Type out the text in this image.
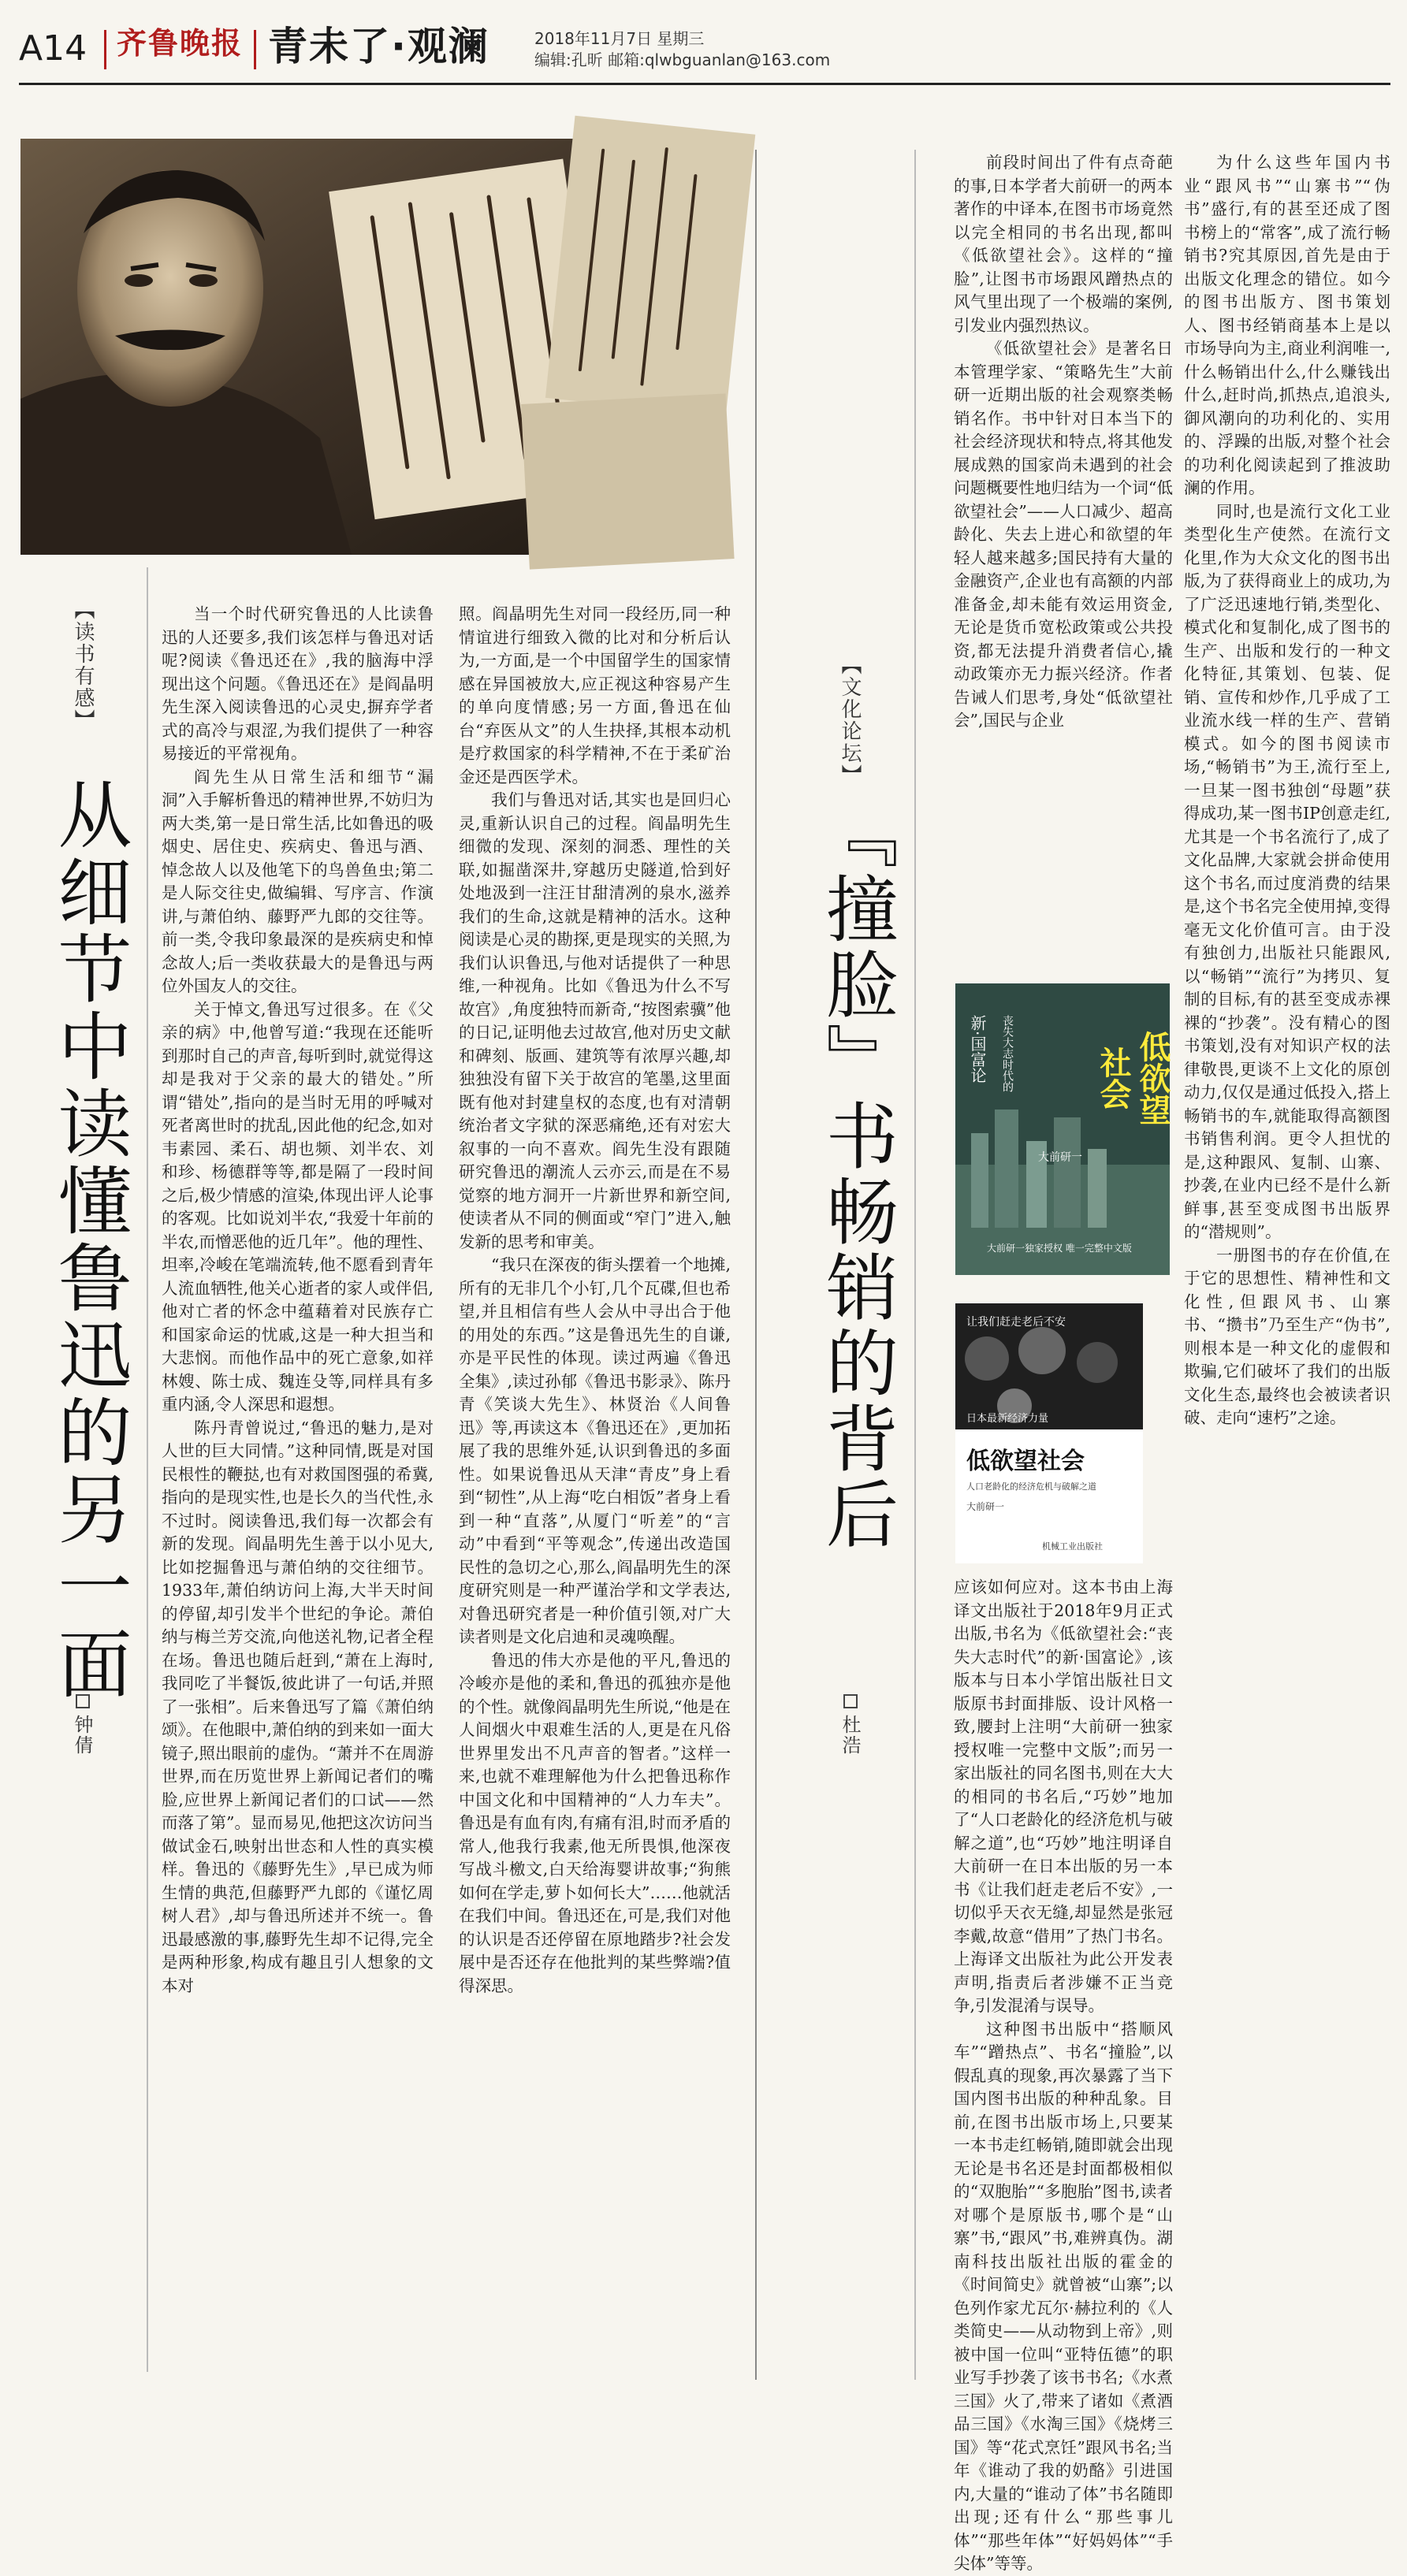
A14 齐鲁晚报 青未了·观澜	2018年11月7日 星期三
编辑:孔昕 邮箱:qlwbguanlan@163.com
【读书有感】
从细节中读懂鲁迅的另一面
钟倩

当一个时代研究鲁迅的人比读鲁迅的人还要多,我们该怎样与鲁迅对话呢?阅读《鲁迅还在》,我的脑海中浮现出这个问题。《鲁迅还在》是阎晶明先生深入阅读鲁迅的心灵史,摒弃学者式的高冷与艰涩,为我们提供了一种容易接近的平常视角。

阎先生从日常生活和细节“漏洞”入手解析鲁迅的精神世界,不妨归为两大类,第一是日常生活,比如鲁迅的吸烟史、居住史、疾病史、鲁迅与酒、悼念故人以及他笔下的鸟兽鱼虫;第二是人际交往史,做编辑、写序言、作演讲,与萧伯纳、藤野严九郎的交往等。前一类,令我印象最深的是疾病史和悼念故人;后一类收获最大的是鲁迅与两位外国友人的交往。

关于悼文,鲁迅写过很多。在《父亲的病》中,他曾写道:“我现在还能听到那时自己的声音,每听到时,就觉得这却是我对于父亲的最大的错处。”所谓“错处”,指向的是当时无用的呼喊对死者离世时的扰乱,因此他的纪念,如对韦素园、柔石、胡也频、刘半农、刘和珍、杨德群等等,都是隔了一段时间之后,极少情感的渲染,体现出评人论事的客观。比如说刘半农,“我爱十年前的半农,而憎恶他的近几年”。他的理性、坦率,冷峻在笔端流转,他不愿看到青年人流血牺牲,他关心逝者的家人或伴侣,他对亡者的怀念中蕴藉着对民族存亡和国家命运的忧戚,这是一种大担当和大悲悯。而他作品中的死亡意象,如祥林嫂、陈士成、魏连殳等,同样具有多重内涵,令人深思和遐想。

陈丹青曾说过,“鲁迅的魅力,是对人世的巨大同情。”这种同情,既是对国民根性的鞭挞,也有对救国图强的希冀,指向的是现实性,也是长久的当代性,永不过时。阅读鲁迅,我们每一次都会有新的发现。阎晶明先生善于以小见大,比如挖掘鲁迅与萧伯纳的交往细节。1933年,萧伯纳访问上海,大半天时间的停留,却引发半个世纪的争论。萧伯纳与梅兰芳交流,向他送礼物,记者全程在场。鲁迅也随后赶到,“萧在上海时,我同吃了半餐饭,彼此讲了一句话,并照了一张相”。后来鲁迅写了篇《萧伯纳颂》。在他眼中,萧伯纳的到来如一面大镜子,照出眼前的虚伪。“萧并不在周游世界,而在历览世界上新闻记者们的嘴脸,应世界上新闻记者们的口试——然而落了第”。显而易见,他把这次访问当做试金石,映射出世态和人性的真实模样。鲁迅的《藤野先生》,早已成为师生情的典范,但藤野严九郎的《谨忆周树人君》,却与鲁迅所述并不统一。鲁迅最感激的事,藤野先生却不记得,完全是两种形象,构成有趣且引人想象的文本对

照。阎晶明先生对同一段经历,同一种情谊进行细致入微的比对和分析后认为,一方面,是一个中国留学生的国家情感在异国被放大,应正视这种容易产生的单向度情感;另一方面,鲁迅在仙台“弃医从文”的人生抉择,其根本动机是疗救国家的科学精神,不在于柔矿治金还是西医学术。

我们与鲁迅对话,其实也是回归心灵,重新认识自己的过程。阎晶明先生细微的发现、深刻的洞悉、理性的关联,如掘凿深井,穿越历史隧道,恰到好处地汲到一注汪甘甜清冽的泉水,滋养我们的生命,这就是精神的活水。这种阅读是心灵的勘探,更是现实的关照,为我们认识鲁迅,与他对话提供了一种思维,一种视角。比如《鲁迅为什么不写故宫》,角度独特而新奇,“按图索骥”他的日记,证明他去过故宫,他对历史文献和碑刻、版画、建筑等有浓厚兴趣,却独独没有留下关于故宫的笔墨,这里面既有他对封建皇权的态度,也有对清朝统治者文字狱的深恶痛绝,还有对宏大叙事的一向不喜欢。阎先生没有跟随研究鲁迅的潮流人云亦云,而是在不易觉察的地方洞开一片新世界和新空间,使读者从不同的侧面或“窄门”进入,触发新的思考和审美。

“我只在深夜的街头摆着一个地摊,所有的无非几个小钉,几个瓦碟,但也希望,并且相信有些人会从中寻出合于他的用处的东西。”这是鲁迅先生的自谦,亦是平民性的体现。读过两遍《鲁迅全集》,读过孙郁《鲁迅书影录》、陈丹青《笑谈大先生》、林贤治《人间鲁迅》等,再读这本《鲁迅还在》,更加拓展了我的思维外延,认识到鲁迅的多面性。如果说鲁迅从天津“青皮”身上看到“韧性”,从上海“吃白相饭”者身上看到一种“直落”,从厦门“听差”的“言动”中看到“平等观念”,传递出改造国民性的急切之心,那么,阎晶明先生的深度研究则是一种严谨治学和文学表达,对鲁迅研究者是一种价值引领,对广大读者则是文化启迪和灵魂唤醒。

鲁迅的伟大亦是他的平凡,鲁迅的冷峻亦是他的柔和,鲁迅的孤独亦是他的个性。就像阎晶明先生所说,“他是在人间烟火中艰难生活的人,更是在凡俗世界里发出不凡声音的智者。”这样一来,也就不难理解他为什么把鲁迅称作中国文化和中国精神的“人力车夫”。鲁迅是有血有肉,有痛有泪,时而矛盾的常人,他我行我素,他无所畏惧,他深夜写战斗檄文,白天给海婴讲故事;“狗熊如何在学走,萝卜如何长大”……他就活在我们中间。鲁迅还在,可是,我们对他的认识是否还停留在原地踏步?社会发展中是否还存在他批判的某些弊端?值得深思。

【文化论坛】
『撞脸』书畅销的背后
杜浩

前段时间出了件有点奇葩的事,日本学者大前研一的两本著作的中译本,在图书市场竟然以完全相同的书名出现,都叫《低欲望社会》。这样的“撞脸”,让图书市场跟风蹭热点的风气里出现了一个极端的案例,引发业内强烈热议。

《低欲望社会》是著名日本管理学家、“策略先生”大前研一近期出版的社会观察类畅销名作。书中针对日本当下的社会经济现状和特点,将其他发展成熟的国家尚未遇到的社会问题概要性地归结为一个词“低欲望社会”——人口减少、超高龄化、失去上进心和欲望的年轻人越来越多;国民持有大量的金融资产,企业也有高额的内部准备金,却未能有效运用资金,无论是货币宽松政策或公共投资,都无法提升消费者信心,撬动政策亦无力振兴经济。作者告诫人们思考,身处“低欲望社会”,国民与企业

低欲望
社会
新·国富论 丧失大志时代的
大前研一
大前研一独家授权 唯一完整中文版
让我们赶走老后不安
日本最新经济力量
低欲望社会
人口老龄化的经济危机与破解之道
大前研一
机械工业出版社

应该如何应对。这本书由上海译文出版社于2018年9月正式出版,书名为《低欲望社会:“丧失大志时代”的新·国富论》,该版本与日本小学馆出版社日文版原书封面排版、设计风格一致,腰封上注明“大前研一独家授权唯一完整中文版”;而另一家出版社的同名图书,则在大大的相同的书名后,“巧妙”地加了“人口老龄化的经济危机与破解之道”,也“巧妙”地注明译自大前研一在日本出版的另一本书《让我们赶走老后不安》,一切似乎天衣无缝,却显然是张冠李戴,故意“借用”了热门书名。上海译文出版社为此公开发表声明,指责后者涉嫌不正当竞争,引发混淆与误导。

这种图书出版中“搭顺风车”“蹭热点”、书名“撞脸”,以假乱真的现象,再次暴露了当下国内图书出版的种种乱象。目前,在图书出版市场上,只要某一本书走红畅销,随即就会出现无论是书名还是封面都极相似的“双胞胎”“多胞胎”图书,读者对哪个是原版书,哪个是“山寨”书,“跟风”书,难辨真伪。湖南科技出版社出版的霍金的《时间简史》就曾被“山寨”;以色列作家尤瓦尔·赫拉利的《人类简史——从动物到上帝》,则被中国一位叫“亚特伍德”的职业写手抄袭了该书书名;《水煮三国》火了,带来了诸如《煮酒品三国》《水淘三国》《烧烤三国》等“花式烹饪”跟风书名;当年《谁动了我的奶酪》引进国内,大量的“谁动了体”书名随即出现;还有什么“那些事儿体”“那些年体”“好妈妈体”“手尖体”等等。

为什么这些年国内书业“跟风书”“山寨书”“伪书”盛行,有的甚至还成了图书榜上的“常客”,成了流行畅销书?究其原因,首先是由于出版文化理念的错位。如今的图书出版方、图书策划人、图书经销商基本上是以市场导向为主,商业利润唯一,什么畅销出什么,什么赚钱出什么,赶时尚,抓热点,追浪头,御风潮向的功利化的、实用的、浮躁的出版,对整个社会的功利化阅读起到了推波助澜的作用。

同时,也是流行文化工业类型化生产使然。在流行文化里,作为大众文化的图书出版,为了获得商业上的成功,为了广泛迅速地行销,类型化、模式化和复制化,成了图书的生产、出版和发行的一种文化特征,其策划、包装、促销、宣传和炒作,几乎成了工业流水线一样的生产、营销模式。如今的图书阅读市场,“畅销书”为王,流行至上,一旦某一图书独创“母题”获得成功,某一图书IP创意走红,尤其是一个书名流行了,成了文化品牌,大家就会拼命使用这个书名,而过度消费的结果是,这个书名完全使用掉,变得毫无文化价值可言。由于没有独创力,出版社只能跟风,以“畅销”“流行”为拷贝、复制的目标,有的甚至变成赤裸裸的“抄袭”。没有精心的图书策划,没有对知识产权的法律敬畏,更谈不上文化的原创动力,仅仅是通过低投入,搭上畅销书的车,就能取得高额图书销售利润。更令人担忧的是,这种跟风、复制、山寨、抄袭,在业内已经不是什么新鲜事,甚至变成图书出版界的“潜规则”。

一册图书的存在价值,在于它的思想性、精神性和文化性,但跟风书、山寨书、“攒书”乃至生产“伪书”,则根本是一种文化的虚假和欺骗,它们破坏了我们的出版文化生态,最终也会被读者识破、走向“速朽”之途。
